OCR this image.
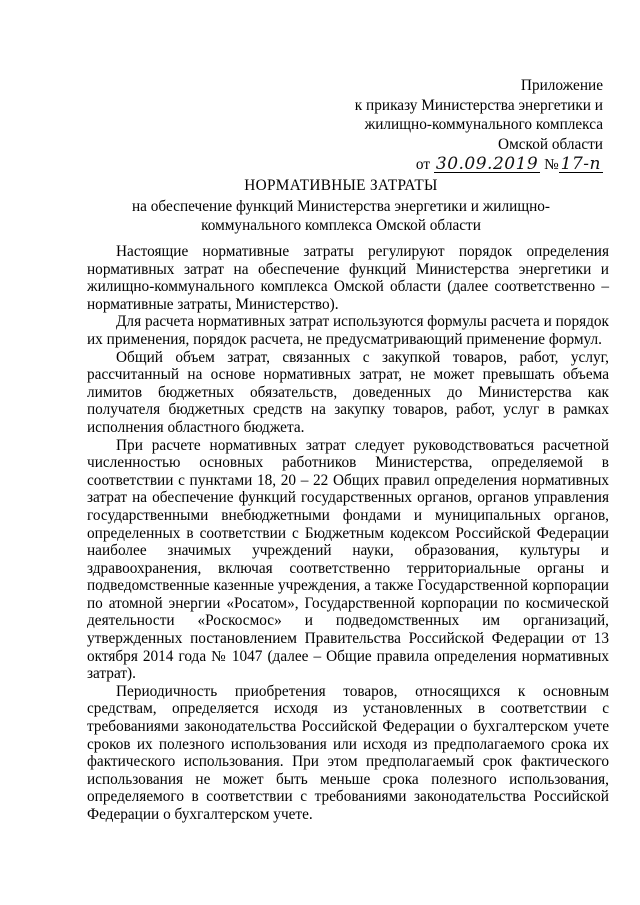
Приложение
к приказу Министерства энергетики и
жилищно-коммунального комплекса
Омской области
от 30.09.2019 № 17-п
НОРМАТИВНЫЕ ЗАТРАТЫ
на обеспечение функций Министерства энергетики и жилищно-
коммунального комплекса Омской области

Настоящие нормативные затраты регулируют порядок определения нормативных затрат на обеспечение функций Министерства энергетики и жилищно-коммунального комплекса Омской области (далее соответственно – нормативные затраты, Министерство).

Для расчета нормативных затрат используются формулы расчета и порядок их применения, порядок расчета, не предусматривающий применение формул.

Общий объем затрат, связанных с закупкой товаров, работ, услуг, рассчитанный на основе нормативных затрат, не может превышать объема лимитов бюджетных обязательств, доведенных до Министерства как получателя бюджетных средств на закупку товаров, работ, услуг в рамках исполнения областного бюджета.

При расчете нормативных затрат следует руководствоваться расчетной численностью основных работников Министерства, определяемой в соответствии с пунктами 18, 20 – 22 Общих правил определения нормативных затрат на обеспечение функций государственных органов, органов управления государственными внебюджетными фондами и муниципальных органов, определенных в соответствии с Бюджетным кодексом Российской Федерации наиболее значимых учреждений науки, образования, культуры и здравоохранения, включая соответственно территориальные органы и подведомственные казенные учреждения, а также Государственной корпорации по атомной энергии «Росатом», Государственной корпорации по космической деятельности «Роскосмос» и подведомственных им организаций, утвержденных постановлением Правительства Российской Федерации от 13 октября 2014 года № 1047 (далее – Общие правила определения нормативных затрат).

Периодичность приобретения товаров, относящихся к основным средствам, определяется исходя из установленных в соответствии с требованиями законодательства Российской Федерации о бухгалтерском учете сроков их полезного использования или исходя из предполагаемого срока их фактического использования. При этом предполагаемый срок фактического использования не может быть меньше срока полезного использования, определяемого в соответствии с требованиями законодательства Российской Федерации о бухгалтерском учете.
